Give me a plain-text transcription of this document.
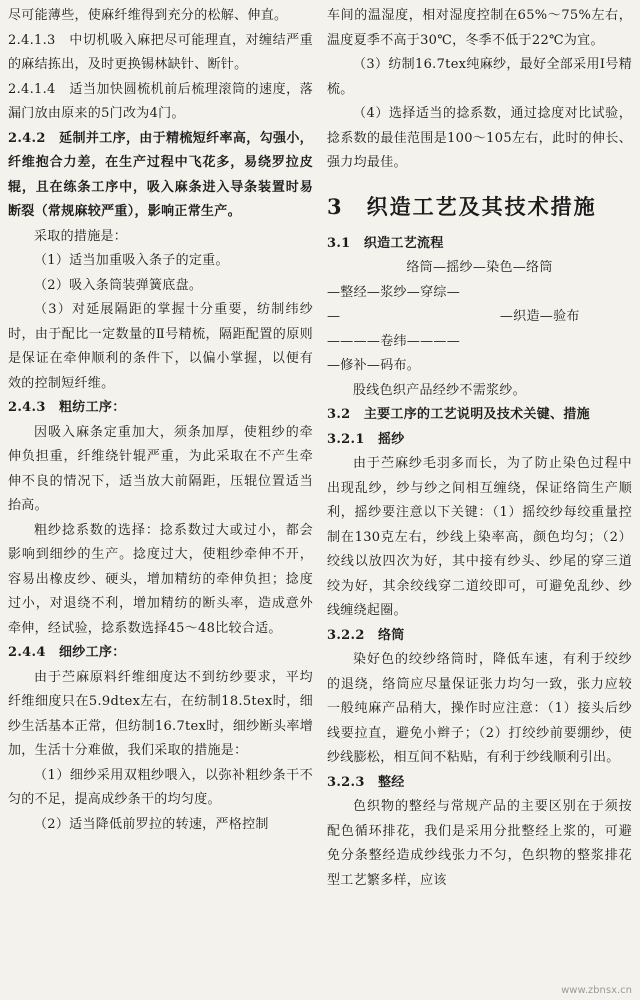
尽可能薄些，使麻纤维得到充分的松解、伸直。

2.4.1.3　中切机吸入麻把尽可能理直，对缠结严重的麻结拣出，及时更换锡林缺针、断针。

2.4.1.4　适当加快圆梳机前后梳理滚筒的速度，落漏门放由原来的5门改为4门。

2.4.2　延制并工序，由于精梳短纤率高，勾强小，纤维抱合力差，在生产过程中飞花多，易绕罗拉皮辊，且在练条工序中，吸入麻条进入导条装置时易断裂（常规麻较严重），影响正常生产。

采取的措施是：

（1）适当加重吸入条子的定重。

（2）吸入条筒装弹簧底盘。

（3）对延展隔距的掌握十分重要，纺制纬纱时，由于配比一定数量的Ⅱ号精梳，隔距配置的原则是保证在牵伸顺利的条件下，以偏小掌握，以便有效的控制短纤维。

2.4.3　粗纺工序：

因吸入麻条定重加大，须条加厚，使粗纱的牵伸负担重，纤维绕针辊严重，为此采取在不产生牵伸不良的情况下，适当放大前隔距，压辊位置适当抬高。

粗纱捻系数的选择：捻系数过大或过小，都会影响到细纱的生产。捻度过大，使粗纱牵伸不开，容易出橡皮纱、硬头，增加精纺的牵伸负担；捻度过小，对退绕不利，增加精纺的断头率，造成意外牵伸，经试验，捻系数选择45～48比较合适。

2.4.4　细纱工序：

由于苎麻原料纤维细度达不到纺纱要求，平均纤维细度只在5.9dtex左右，在纺制18.5tex时，细纱生活基本正常，但纺制16.7tex时，细纱断头率增加，生活十分难做，我们采取的措施是：

（1）细纱采用双粗纱喂入，以弥补粗纱条干不匀的不足，提高成纱条干的均匀度。

（2）适当降低前罗拉的转速，严格控制

车间的温湿度，相对湿度控制在65%～75%左右，温度夏季不高于30℃，冬季不低于22℃为宜。

（3）纺制16.7tex纯麻纱，最好全部采用Ⅰ号精梳。

（4）选择适当的捻系数，通过捻度对比试验，捻系数的最佳范围是100～105左右，此时的伸长、强力均最佳。

3　织造工艺及其技术措施

3.1　织造工艺流程

络筒—摇纱—染色—络筒

—整经—浆纱—穿综—

—                                    —织造—验布

————卷纬————

—修补—码布。

股线色织产品经纱不需浆纱。

3.2　主要工序的工艺说明及技术关键、措施

3.2.1　摇纱

由于苎麻纱毛羽多而长，为了防止染色过程中出现乱纱，纱与纱之间相互缠绕，保证络筒生产顺利，摇纱要注意以下关键：（1）摇绞纱每绞重量控制在130克左右，纱线上染率高，颜色均匀；（2）绞线以放四次为好，其中接有纱头、纱尾的穿三道绞为好，其余绞线穿二道绞即可，可避免乱纱、纱线缠绕起圈。

3.2.2　络筒

染好色的绞纱络筒时，降低车速，有利于绞纱的退绕，络筒应尽量保证张力均匀一致，张力应较一般纯麻产品稍大，操作时应注意：（1）接头后纱线要拉直，避免小辫子；（2）打绞纱前要绷纱，使纱线膨松，相互间不粘贴，有利于纱线顺利引出。

3.2.3　整经

色织物的整经与常规产品的主要区别在于须按配色循环排花，我们是采用分批整经上浆的，可避免分条整经造成纱线张力不匀，色织物的整浆排花型工艺繁多样，应该

www.zbnsx.cn
